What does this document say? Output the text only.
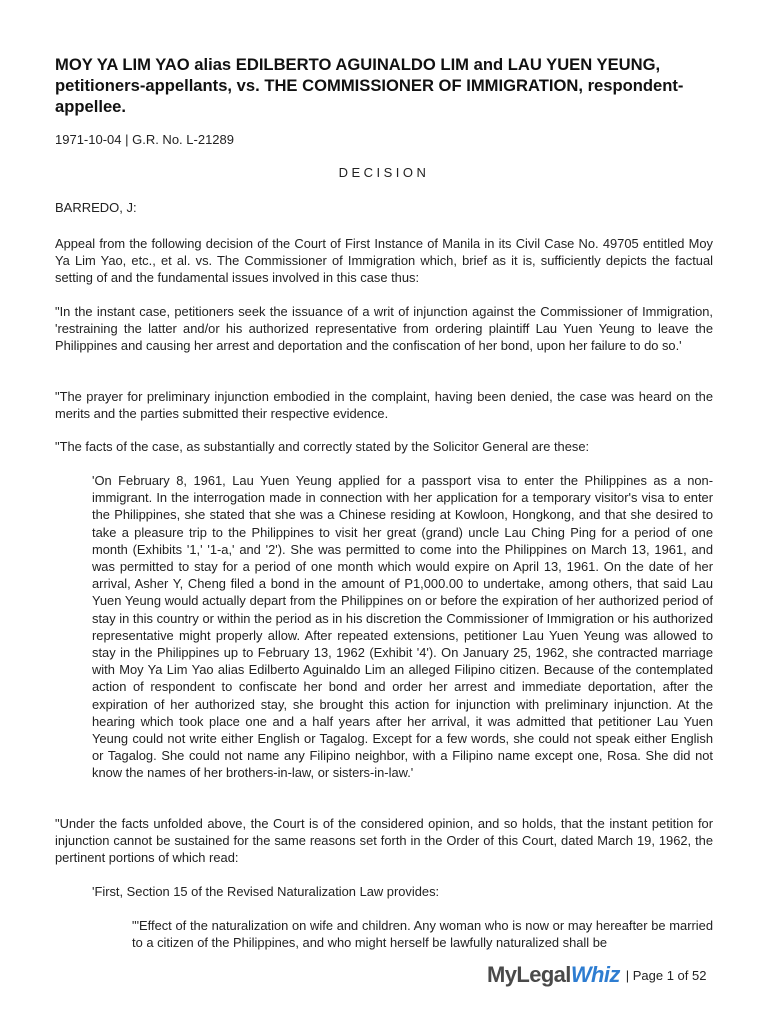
MOY YA LIM YAO alias EDILBERTO AGUINALDO LIM and LAU YUEN YEUNG, petitioners-appellants, vs. THE COMMISSIONER OF IMMIGRATION, respondent-appellee.
1971-10-04 | G.R. No. L-21289
DECISION
BARREDO, J:

Appeal from the following decision of the Court of First Instance of Manila in its Civil Case No. 49705 entitled Moy Ya Lim Yao, etc., et al. vs. The Commissioner of Immigration which, brief as it is, sufficiently depicts the factual setting of and the fundamental issues involved in this case thus:

"In the instant case, petitioners seek the issuance of a writ of injunction against the Commissioner of Immigration, 'restraining the latter and/or his authorized representative from ordering plaintiff Lau Yuen Yeung to leave the Philippines and causing her arrest and deportation and the confiscation of her bond, upon her failure to do so.'

"The prayer for preliminary injunction embodied in the complaint, having been denied, the case was heard on the merits and the parties submitted their respective evidence.

"The facts of the case, as substantially and correctly stated by the Solicitor General are these:

'On February 8, 1961, Lau Yuen Yeung applied for a passport visa to enter the Philippines as a non-immigrant. In the interrogation made in connection with her application for a temporary visitor's visa to enter the Philippines, she stated that she was a Chinese residing at Kowloon, Hongkong, and that she desired to take a pleasure trip to the Philippines to visit her great (grand) uncle Lau Ching Ping for a period of one month (Exhibits '1,' '1-a,' and '2'). She was permitted to come into the Philippines on March 13, 1961, and was permitted to stay for a period of one month which would expire on April 13, 1961. On the date of her arrival, Asher Y, Cheng filed a bond in the amount of P1,000.00 to undertake, among others, that said Lau Yuen Yeung would actually depart from the Philippines on or before the expiration of her authorized period of stay in this country or within the period as in his discretion the Commissioner of Immigration or his authorized representative might properly allow. After repeated extensions, petitioner Lau Yuen Yeung was allowed to stay in the Philippines up to February 13, 1962 (Exhibit '4'). On January 25, 1962, she contracted marriage with Moy Ya Lim Yao alias Edilberto Aguinaldo Lim an alleged Filipino citizen. Because of the contemplated action of respondent to confiscate her bond and order her arrest and immediate deportation, after the expiration of her authorized stay, she brought this action for injunction with preliminary injunction. At the hearing which took place one and a half years after her arrival, it was admitted that petitioner Lau Yuen Yeung could not write either English or Tagalog. Except for a few words, she could not speak either English or Tagalog. She could not name any Filipino neighbor, with a Filipino name except one, Rosa. She did not know the names of her brothers-in-law, or sisters-in-law.'

"Under the facts unfolded above, the Court is of the considered opinion, and so holds, that the instant petition for injunction cannot be sustained for the same reasons set forth in the Order of this Court, dated March 19, 1962, the pertinent portions of which read:

'First, Section 15 of the Revised Naturalization Law provides:

"'Effect of the naturalization on wife and children. Any woman who is now or may hereafter be married to a citizen of the Philippines, and who might herself be lawfully naturalized shall be

MyLegal Whiz | Page 1 of 52
